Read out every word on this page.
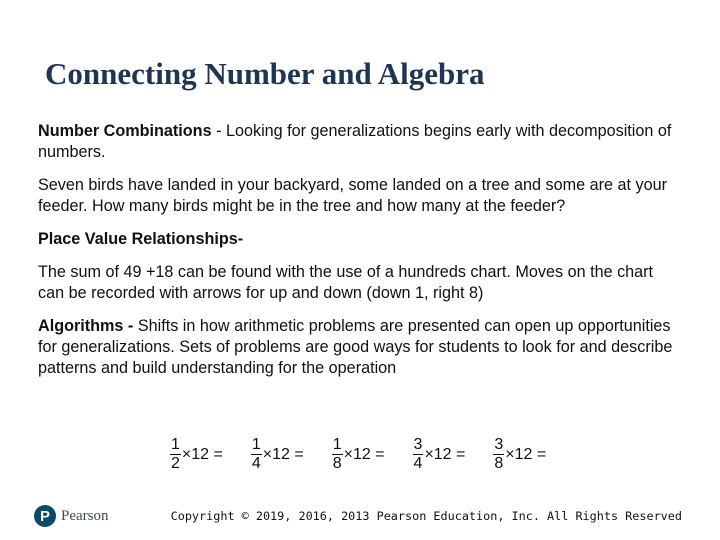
Connecting Number and Algebra

Number Combinations - Looking for generalizations begins early with decomposition of numbers.

Seven birds have landed in your backyard, some landed on a tree and some are at your feeder. How many birds might be in the tree and how many at the feeder?

Place Value Relationships-

The sum of 49 +18 can be found with the use of a hundreds chart. Moves on the chart can be recorded with arrows for up and down (down 1, right 8)

Algorithms - Shifts in how arithmetic problems are presented can open up opportunities for generalizations. Sets of problems are good ways for students to look for and describe patterns and build understanding for the operation

$\frac{1}{2} \times 12 = \frac{1}{4} \times 12 = \frac{1}{8} \times 12 = \frac{3}{4} \times 12 = \frac{3}{8} \times 12$ =
P Pearson	Copyright © 2019, 2016, 2013 Pearson Education, Inc. All Rights Reserved
